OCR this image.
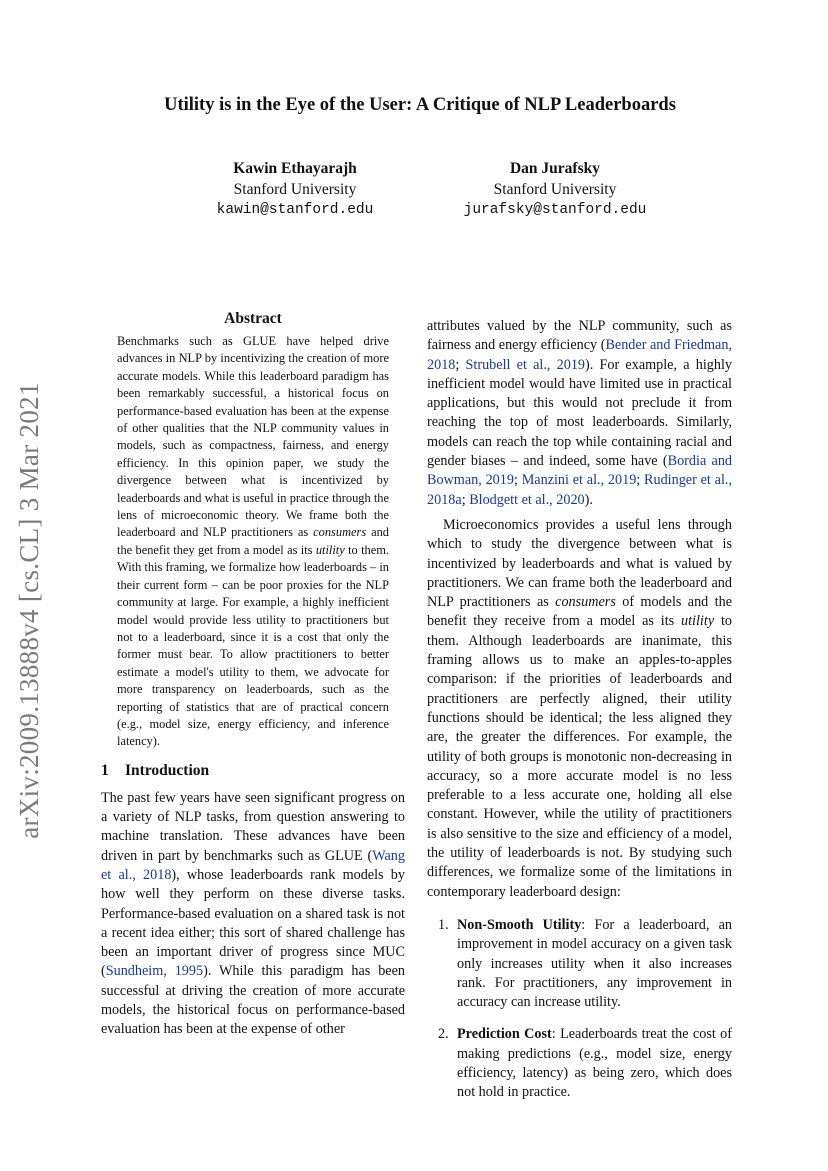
arXiv:2009.13888v4 [cs.CL] 3 Mar 2021
Utility is in the Eye of the User: A Critique of NLP Leaderboards
Kawin Ethayarajh
Stanford University
kawin@stanford.edu
Dan Jurafsky
Stanford University
jurafsky@stanford.edu
Abstract

Benchmarks such as GLUE have helped drive advances in NLP by incentivizing the creation of more accurate models. While this leaderboard paradigm has been remarkably successful, a historical focus on performance-based evaluation has been at the expense of other qualities that the NLP community values in models, such as compactness, fairness, and energy efficiency. In this opinion paper, we study the divergence between what is incentivized by leaderboards and what is useful in practice through the lens of microeconomic theory. We frame both the leaderboard and NLP practitioners as consumers and the benefit they get from a model as its utility to them. With this framing, we formalize how leaderboards – in their current form – can be poor proxies for the NLP community at large. For example, a highly inefficient model would provide less utility to practitioners but not to a leaderboard, since it is a cost that only the former must bear. To allow practitioners to better estimate a model's utility to them, we advocate for more transparency on leaderboards, such as the reporting of statistics that are of practical concern (e.g., model size, energy efficiency, and inference latency).

1 Introduction

The past few years have seen significant progress on a variety of NLP tasks, from question answering to machine translation. These advances have been driven in part by benchmarks such as GLUE (Wang et al., 2018), whose leaderboards rank models by how well they perform on these diverse tasks. Performance-based evaluation on a shared task is not a recent idea either; this sort of shared challenge has been an important driver of progress since MUC (Sundheim, 1995). While this paradigm has been successful at driving the creation of more accurate models, the historical focus on performance-based evaluation has been at the expense of other

attributes valued by the NLP community, such as fairness and energy efficiency (Bender and Friedman, 2018; Strubell et al., 2019). For example, a highly inefficient model would have limited use in practical applications, but this would not preclude it from reaching the top of most leaderboards. Similarly, models can reach the top while containing racial and gender biases – and indeed, some have (Bordia and Bowman, 2019; Manzini et al., 2019; Rudinger et al., 2018a; Blodgett et al., 2020).

Microeconomics provides a useful lens through which to study the divergence between what is incentivized by leaderboards and what is valued by practitioners. We can frame both the leaderboard and NLP practitioners as consumers of models and the benefit they receive from a model as its utility to them. Although leaderboards are inanimate, this framing allows us to make an apples-to-apples comparison: if the priorities of leaderboards and practitioners are perfectly aligned, their utility functions should be identical; the less aligned they are, the greater the differences. For example, the utility of both groups is monotonic non-decreasing in accuracy, so a more accurate model is no less preferable to a less accurate one, holding all else constant. However, while the utility of practitioners is also sensitive to the size and efficiency of a model, the utility of leaderboards is not. By studying such differences, we formalize some of the limitations in contemporary leaderboard design:

1. Non-Smooth Utility: For a leaderboard, an improvement in model accuracy on a given task only increases utility when it also increases rank. For practitioners, any improvement in accuracy can increase utility.
2. Prediction Cost: Leaderboards treat the cost of making predictions (e.g., model size, energy efficiency, latency) as being zero, which does not hold in practice.
